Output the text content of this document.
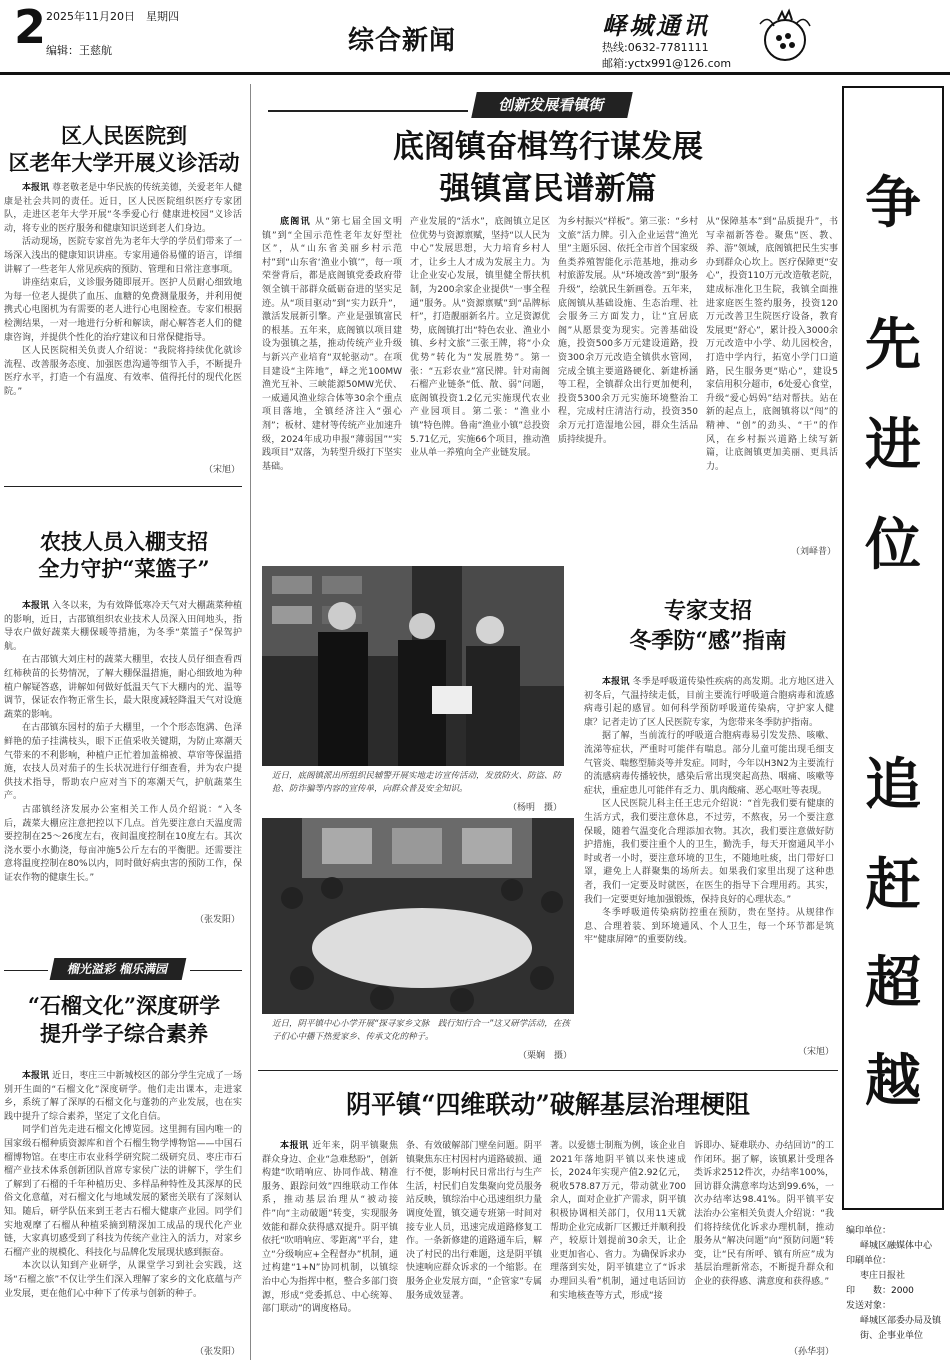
2 2025年11月20日　星期四
编辑：王慈航	综合新闻
峄城通讯
热线:0632-7781111
邮箱:yctx991@126.com
区人民医院到
区老年大学开展义诊活动

本报讯 尊老敬老是中华民族的传统美德，关爱老年人健康是社会共同的责任。近日，区人民医院组织医疗专家团队，走进区老年大学开展“冬季爱心行 健康进校园”义诊活动，将专业的医疗服务和健康知识送到老人们身边。

活动现场，医院专家首先为老年大学的学员们带来了一场深入浅出的健康知识讲座。专家用通俗易懂的语言，详细讲解了一些老年人常见疾病的预防、管理和日常注意事项。

讲座结束后，义诊服务随即展开。医护人员耐心细致地为每一位老人提供了血压、血糖的免费测量服务，并利用便携式心电图机为有需要的老人进行心电图检查。专家们根据检测结果，一对一地进行分析和解读，耐心解答老人们的健康咨询，并提供个性化的治疗建议和日常保健指导。

区人民医院相关负责人介绍说：“我院将持续优化就诊流程、改善服务态度、加强医患沟通等细节入手，不断提升医疗水平，打造一个有温度、有效率、值得托付的现代化医院。”

（宋旭）
农技人员入棚支招
全力守护“菜篮子”

本报讯 入冬以来，为有效降低寒冷天气对大棚蔬菜种植的影响，近日，古邵镇组织农业技术人员深入田间地头，指导农户做好蔬菜大棚保暖等措施，为冬季“菜篮子”保驾护航。

在古邵镇大刘庄村的蔬菜大棚里，农技人员仔细查看西红柿秧苗的长势情况，了解大棚保温措施，耐心细致地为种植户解疑答惑，讲解如何做好低温天气下大棚内的光、温等调节，保证农作物正常生长，最大限度减轻降温天气对设施蔬菜的影响。

在古邵镇东园村的茄子大棚里，一个个形态饱满、色泽鲜艳的茄子挂满枝头，眼下正值采收关键期，为防止寒潮天气带来的不利影响，种植户正忙着加盖棉被、草帘等保温措施，农技人员对茄子的生长状况进行仔细查看，并为农户提供技术指导，帮助农户应对当下的寒潮天气，护航蔬菜生产。

古邵镇经济发展办公室相关工作人员介绍说：“入冬后，蔬菜大棚应注意把控以下几点。首先要注意白天温度需要控制在25～26度左右，夜间温度控制在10度左右。其次浇水要小水勤浇，每亩冲施5公斤左右的平衡肥。还需要注意将温度控制在80%以内，同时做好病虫害的预防工作，保证农作物的健康生长。”

（张发阳）
榴光溢彩 榴乐满园
“石榴文化”深度研学
提升学子综合素养

本报讯 近日，枣庄三中新城校区的部分学生完成了一场别开生面的“石榴文化”深度研学。他们走出课本，走进家乡，系统了解了深厚的石榴文化与蓬勃的产业发展，也在实践中提升了综合素养，坚定了文化自信。

同学们首先走进石榴文化博览园。这里拥有国内唯一的国家级石榴种质资源库和首个石榴生物学博物馆——中国石榴博物馆。在枣庄市农业科学研究院二级研究员、枣庄市石榴产业技术体系创新团队首席专家侯广法的讲解下，学生们了解到了石榴的千年种植历史、多样品种特性及其深厚的民俗文化意蕴，对石榴文化与地域发展的紧密关联有了深刻认知。随后，研学队伍来到王老古石榴大健康产业园。同学们实地观摩了石榴从种植采摘到精深加工成品的现代化产业链，大家真切感受到了科技为传统产业注入的活力，对家乡石榴产业的规模化、科技化与品牌化发展现状感到振奋。

本次以认知到产业研学，从课堂学习到社会实践，这场“石榴之旅”不仅让学生们深入理解了家乡的文化底蕴与产业发展，更在他们心中种下了传承与创新的种子。

（张发阳）
创新发展看镇街
底阁镇奋楫笃行谋发展
强镇富民谱新篇

底阁讯 从“第七届全国文明镇”到“全国示范性老年友好型社区”，从“山东省美丽乡村示范村”到“山东省‘渔业小镇’”，每一项荣誉背后，都是底阁镇党委政府带领全镇干部群众砥砺奋进的坚实足迹。从“项目驱动”到“实力跃升”，激活发展新引擎。产业是强镇富民的根基。五年来，底阁镇以项目建设为强镇之基，推动传统产业升级与新兴产业培育“双轮驱动”。在项目建设“主阵地”，峄之光100MW渔光互补、三峡能源50MW光伏、一威通风渔业综合体等30余个重点项目落地，全镇经济注入“强心剂”；板材、建材等传统产业加速升级，2024年成功申报“薄弱国”“实践项目”双落，为转型升级打下坚实基础。

产业发展的“活水”，底阁镇立足区位优势与资源禀赋，坚持“以人民为中心”发展思想，大力培育乡村人才，让乡土人才成为发展主力。为让企业安心发展，镇里健全帮扶机制，为200余家企业提供“一事全程通”服务。从“资源禀赋”到“品牌标杆”，打造靓丽新名片。立足资源优势，底阁镇打出“特色农业、渔业小镇、乡村文旅”三张王牌，将“小众优势”转化为“发展胜势”。第一张：“五彩农业”富民牌。针对南阁石榴产业链条“低、散、弱”问题，底阁镇投资1.2亿元实施现代农业产业园项目。第二张：“渔业小镇”特色牌。鲁南“渔业小镇”总投资5.71亿元，实施66个项目，推动渔业从单一养殖向全产业链发展。

为乡村振兴“样板”。第三张：“乡村文旅”活力牌。引入企业运营“渔光里”主题乐园、依托全市首个国家级鱼类养殖智能化示范基地，推动乡村旅游发展。从“环境改善”到“服务升级”，绘就民生新画卷。五年来，底阁镇从基础设施、生态治理、社会服务三方面发力，让“宜居底阁”从愿景变为现实。完善基础设施，投资500多万元建设道路，投资300余万元改造全镇供水管网，完成全镇主要道路硬化、新建桥涵等工程，全镇群众出行更加便利，投资5300余万元实施环境整治工程，完成村庄清洁行动，投资350余万元打造湿地公园，群众生活品质持续提升。

从“保障基本”到“品质提升”，书写幸福新答卷。聚焦“医、教、养、游”领域，底阁镇把民生实事办到群众心坎上。医疗保障更“安心”，投资110万元改造敬老院，建成标准化卫生院，我镇全面推进家庭医生签约服务，投资120万元改善卫生院医疗设备，教育发展更“舒心”，累计投入3000余万元改造中小学、幼儿园校舍，打造中学内行，拓宽小学门口道路，民生服务更“贴心”，建设5家信用积分超市，6处爱心食堂，升级“爱心妈妈”结对帮扶。站在新的起点上，底阁镇将以“闯”的精神、“创”的劲头、“干”的作风，在乡村振兴道路上续写新篇，让底阁镇更加美丽、更具活力。

（刘峄普）
近日，底阁镇派出所组织民辅警开展实地走访宣传活动，发放防火、防盗、防抢、防诈骗等内容的宣传单，向群众普及安全知识。
（杨明　摄）
近日，阴平镇中心小学开展“探寻家乡文脉　践行知行合一”这又研学活动，在孩子们心中播下热爱家乡、传承文化的种子。
（栗娴　摄）
专家支招
冬季防“感”指南

本报讯 冬季是呼吸道传染性疾病的高发期。北方地区进入初冬后，气温持续走低，目前主要流行呼吸道合胞病毒和流感病毒引起的感冒。如何科学预防呼吸道传染病，守护家人健康？记者走访了区人民医院专家，为您带来冬季防护指南。

据了解，当前流行的呼吸道合胞病毒易引发发热、咳嗽、流涕等症状，严重时可能伴有喘息。部分儿童可能出现毛细支气管炎、喘憋型肺炎等并发症。同时，今年以H3N2为主要流行的流感病毒传播较快，感染后常出现突起高热、咽痛、咳嗽等症状，重症患儿可能伴有乏力、肌肉酸痛、恶心呕吐等表现。

区人民医院儿科主任王忠元介绍说：“首先我们要有健康的生活方式，我们要注意休息，不过劳，不熬夜，另一个要注意保暖，随着气温变化合理添加衣物。其次，我们要注意做好防护措施，我们要注重个人的卫生，勤洗手，每天开窗通风半小时或者一小时，要注意环境的卫生，不随地吐痰，出门带好口罩，避免上人群聚集的场所去。如果我们家里出现了这种患者，我们一定要及时就医，在医生的指导下合理用药。其实，我们一定要更好地加强锻炼，保持良好的心理状态。”

冬季呼吸道传染病防控重在预防，贵在坚持。从规律作息、合理着装、到环境通风、个人卫生，每一个环节都是筑牢“健康屏障”的重要防线。

（宋旭）
阴平镇“四维联动”破解基层治理梗阻

本报讯 近年来，阴平镇聚焦群众身边、企业“急难愁盼”，创新构建“吹哨响应、协同作战、精准服务、跟踪问效”四维联动工作体系，推动基层治理从“被动接件”向“主动破题”转变，实现服务效能和群众获得感双提升。阴平镇依托“吹哨响应、零距离”平台，建立“分级响应+全程督办”机制，通过构建“1+N”协同机制，以镇综治中心为指挥中枢，整合多部门资源，形成“党委抓总、中心统筹、部门联动”的调度格局。

条、有效破解部门壁垒问题。阴平镇聚焦东庄村因村内道路破损、通行不便，影响村民日常出行与生产生活，村民们自发集聚向党员服务站反映，镇综治中心迅速组织力量调度处置，镇交通专班第一时间对接专业人员，迅速完成道路修复工作。一条新修建的道路通车后，解决了村民的出行难题，这是阴平镇快速响应群众诉求的一个缩影。在服务企业发展方面，“企管家”专属服务成效显著。

著。以爱德士制瓶为例，该企业自2021年落地阴平镇以来快速成长，2024年实现产值2.92亿元，税收578.87万元，带动就业700余人，面对企业扩产需求，阴平镇积极协调相关部门，仅用11天就帮助企业完成新厂区搬迁并顺利投产，较原计划提前30余天，让企业更加省心、省力。为确保诉求办理落到实处，阴平镇建立了“诉求办理回头看”机制，通过电话回访和实地核查等方式，形成“接

诉即办、疑难联办、办结回访”的工作闭环。据了解，该镇累计受理各类诉求2512件次，办结率100%，回访群众满意率均达到99.6%，一次办结率达98.41%。阴平镇平安法治办公室相关负责人介绍说：“我们将持续优化诉求办理机制，推动服务从“解决问题”向“预防问题”转变，让“民有所呼、镇有所应”成为基层治理新常态，不断提升群众和企业的获得感、满意度和获得感。”

（孙华羽）
争
先
进
位
追
赶
超
越
编印单位：
峄城区融媒体中心
印刷单位：
枣庄日报社
印　　数：2000
发送对象：
峄城区部委办局及镇街、企事业单位
